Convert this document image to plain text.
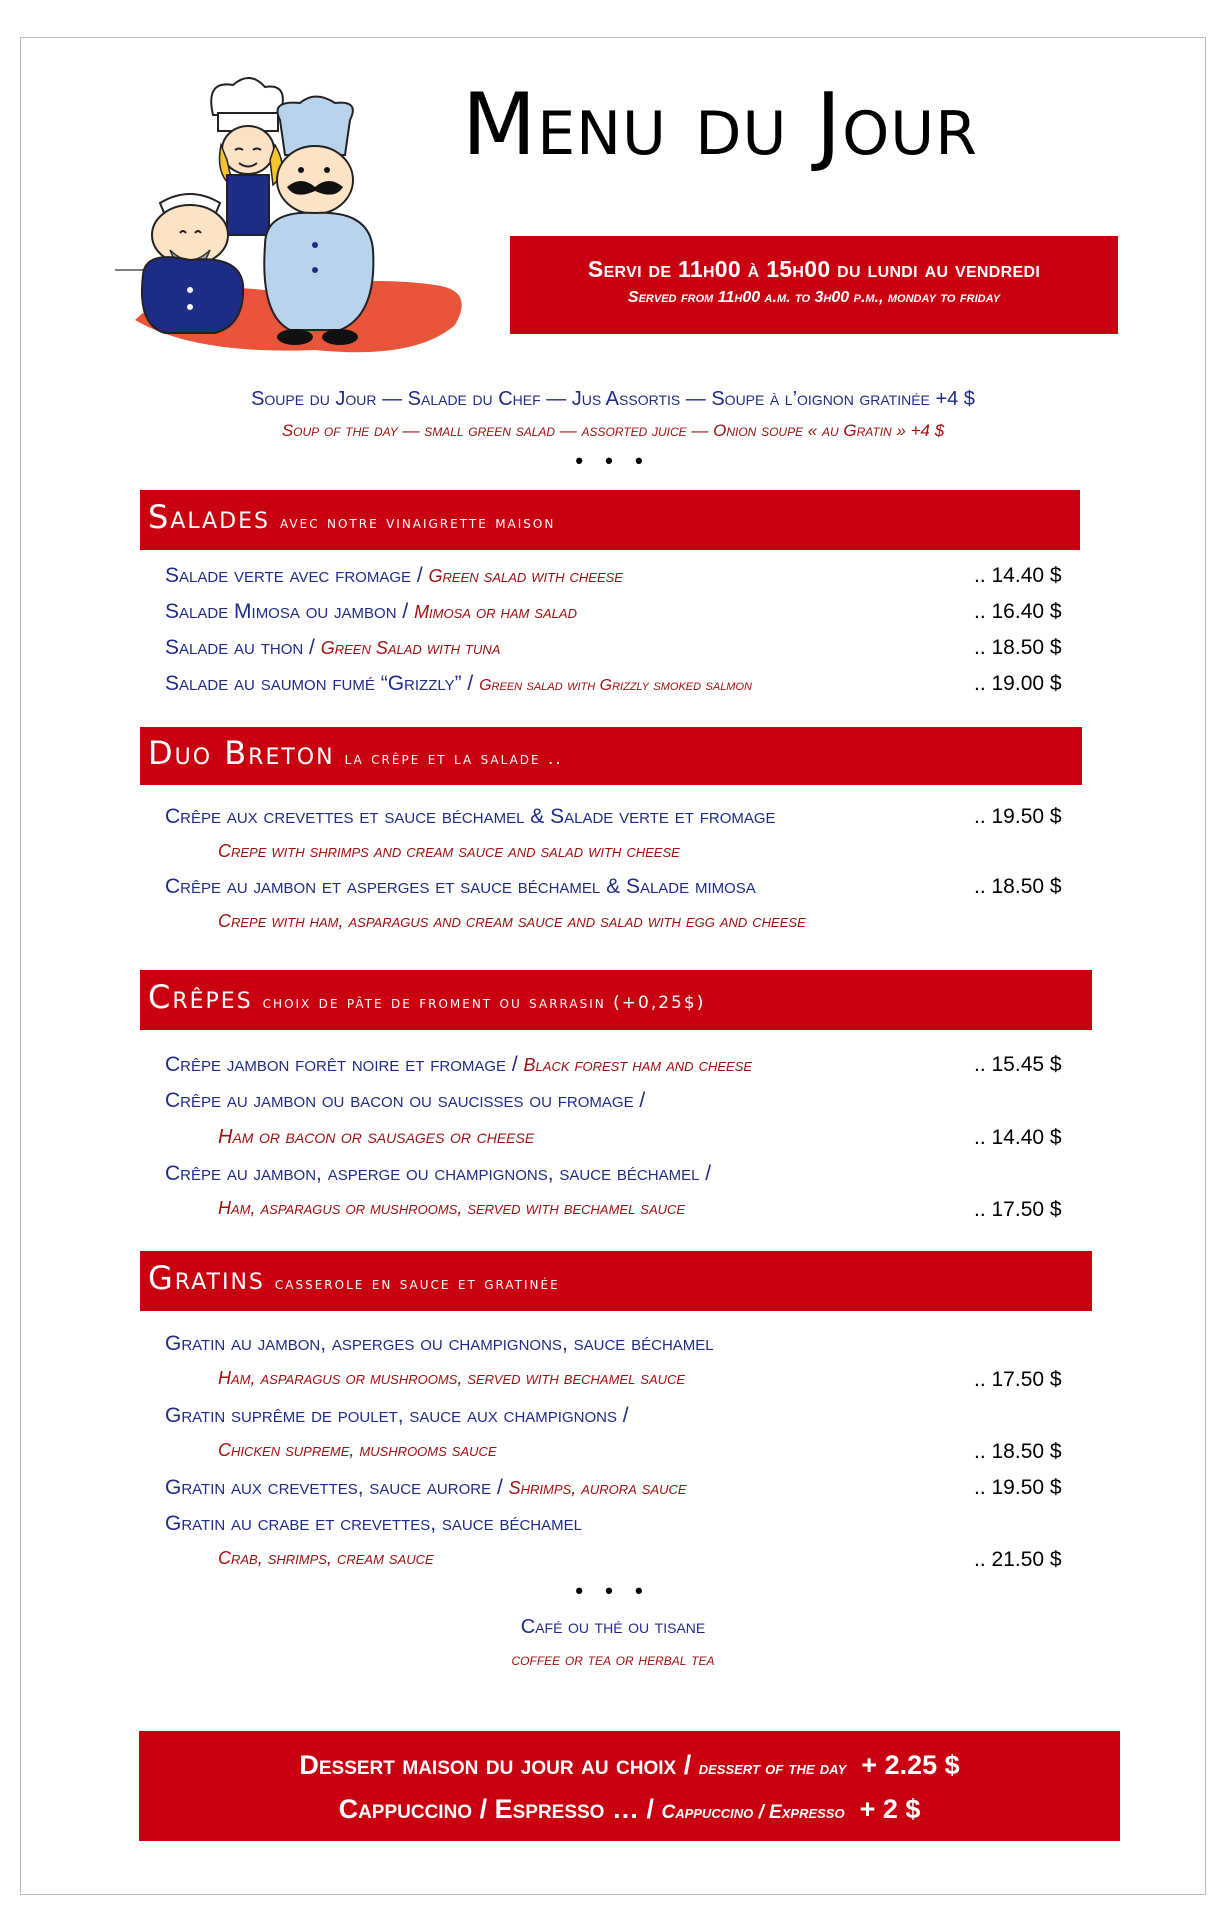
Menu du Jour
Servi de 11h00 à 15h00 du lundi au vendredi
Served from 11h00 a.m. to 3h00 p.m., monday to friday
Soupe du Jour — Salade du Chef — Jus Assortis — Soupe à l’oignon gratinée +4 $
Soup of the day — small green salad — assorted juice — Onion soupe « au Gratin » +4 $
• • •
Salades avec notre vinaigrette maison
Salade verte avec fromage / Green salad with cheese	.. 14.40 $
Salade Mimosa ou jambon / Mimosa or ham salad	.. 16.40 $
Salade au thon / Green Salad with tuna	.. 18.50 $
Salade au saumon fumé “Grizzly” / Green salad with Grizzly smoked salmon	.. 19.00 $
Duo Breton la crêpe et la salade ..
Crêpe aux crevettes et sauce béchamel & Salade verte et fromage	.. 19.50 $
Crepe with shrimps and cream sauce and salad with cheese
Crêpe au jambon et asperges et sauce béchamel & Salade mimosa	.. 18.50 $
Crepe with ham, asparagus and cream sauce and salad with egg and cheese
Crêpes choix de pâte de froment ou sarrasin (+0,25$)
Crêpe jambon forêt noire et fromage / Black forest ham and cheese	.. 15.45 $
Crêpe au jambon ou bacon ou saucisses ou fromage /
Ham or bacon or sausages or cheese	.. 14.40 $
Crêpe au jambon, asperge ou champignons, sauce béchamel /
Ham, asparagus or mushrooms, served with bechamel sauce	.. 17.50 $
Gratins casserole en sauce et gratinée
Gratin au jambon, asperges ou champignons, sauce béchamel
Ham, asparagus or mushrooms, served with bechamel sauce	.. 17.50 $
Gratin suprême de poulet, sauce aux champignons /
Chicken supreme, mushrooms sauce	.. 18.50 $
Gratin aux crevettes, sauce aurore / Shrimps, aurora sauce	.. 19.50 $
Gratin au crabe et crevettes, sauce béchamel
Crab, shrimps, cream sauce	.. 21.50 $
• • •
Café ou thé ou tisane
coffee or tea or herbal tea
Dessert maison du jour au choix / dessert of the day + 2.25 $
Cappuccino / Espresso … / Cappuccino / Expresso + 2 $
